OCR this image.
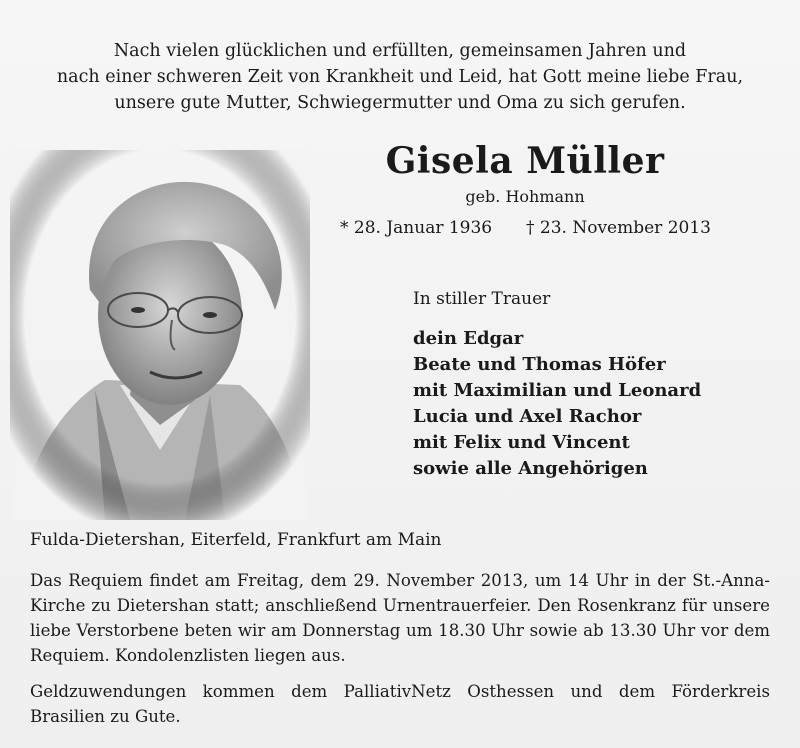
Nach vielen glücklichen und erfüllten, gemeinsamen Jahren und
nach einer schweren Zeit von Krankheit und Leid, hat Gott meine liebe Frau,
unsere gute Mutter, Schwiegermutter und Oma zu sich gerufen.
Gisela Müller
geb. Hohmann
* 28. Januar 1936 † 23. November 2013
In stiller Trauer
dein Edgar
Beate und Thomas Höfer
mit Maximilian und Leonard
Lucia und Axel Rachor
mit Felix und Vincent
sowie alle Angehörigen
Fulda-Dietershan, Eiterfeld, Frankfurt am Main

Das Requiem findet am Freitag, dem 29. November 2013, um 14 Uhr in der St.-Anna-Kirche zu Dietershan statt; anschließend Urnentrauerfeier. Den Rosenkranz für unsere liebe Verstorbene beten wir am Donnerstag um 18.30 Uhr sowie ab 13.30 Uhr vor dem Requiem. Kondolenzlisten liegen aus.

Geldzuwendungen kommen dem PalliativNetz Osthessen und dem Förderkreis Brasilien zu Gute.
